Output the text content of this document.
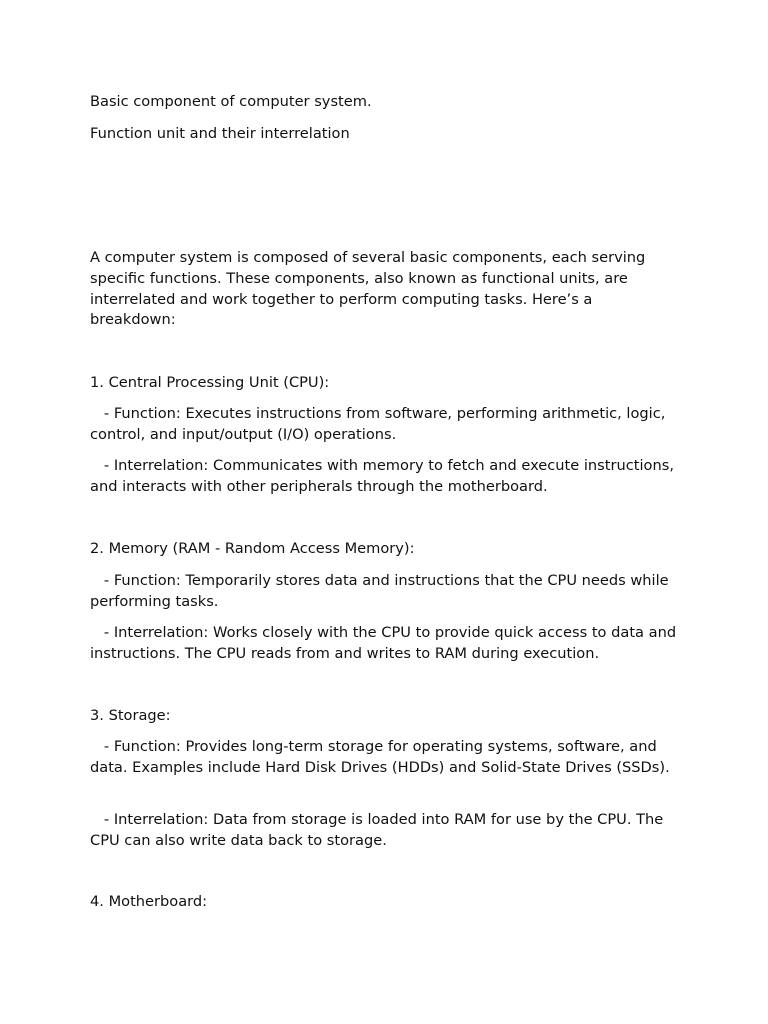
Basic component of computer system.
Function unit and their interrelation
A computer system is composed of several basic components, each serving specific functions. These components, also known as functional units, are interrelated and work together to perform computing tasks. Here’s a breakdown:
1. Central Processing Unit (CPU):
- Function: Executes instructions from software, performing arithmetic, logic, control, and input/output (I/O) operations.
- Interrelation: Communicates with memory to fetch and execute instructions, and interacts with other peripherals through the motherboard.
2. Memory (RAM - Random Access Memory):
- Function: Temporarily stores data and instructions that the CPU needs while performing tasks.
- Interrelation: Works closely with the CPU to provide quick access to data and instructions. The CPU reads from and writes to RAM during execution.
3. Storage:
- Function: Provides long-term storage for operating systems, software, and data. Examples include Hard Disk Drives (HDDs) and Solid-State Drives (SSDs).
- Interrelation: Data from storage is loaded into RAM for use by the CPU. The CPU can also write data back to storage.
4. Motherboard:
